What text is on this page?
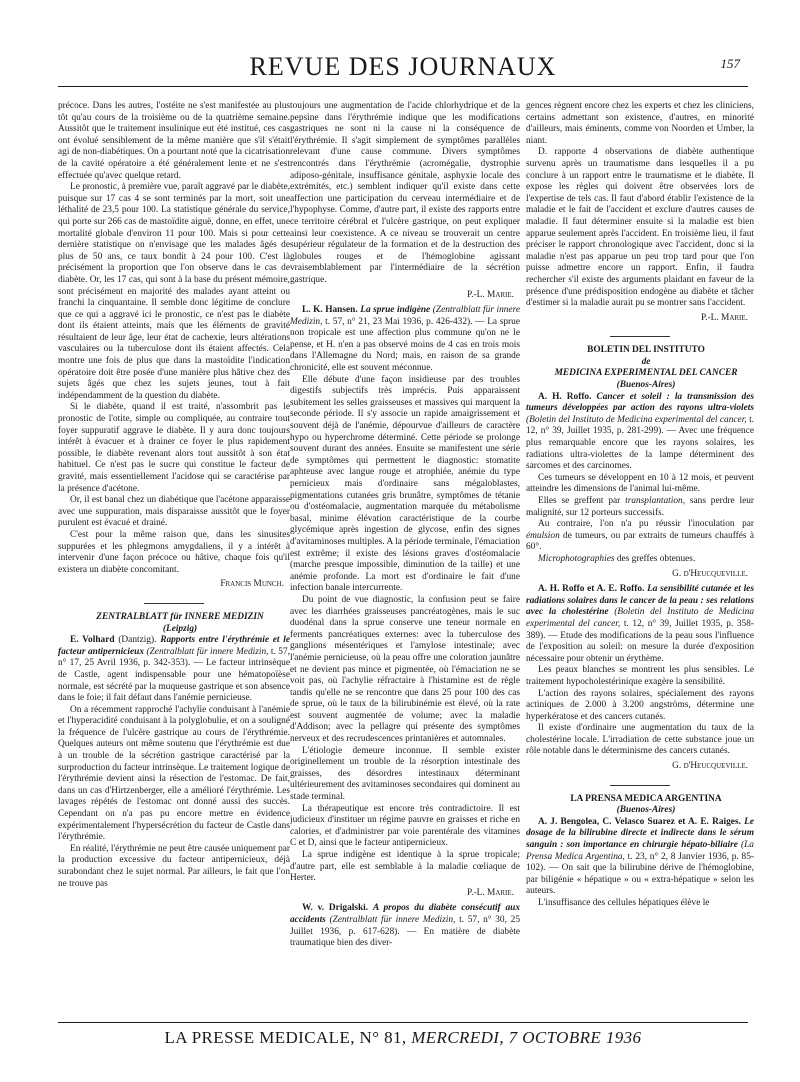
REVUE DES JOURNAUX	157

précoce. Dans les autres, l'ostéite ne s'est manifestée au plus tôt qu'au cours de la troisième ou de la quatrième semaine. Aussitôt que le traitement insulinique eut été institué, ces cas ont évolué sensiblement de la même manière que s'il s'était agi de non-diabétiques. On a pourtant noté que la cicatrisation de la cavité opératoire a été généralement lente et ne s'est effectuée qu'avec quelque retard.

Le pronostic, à première vue, paraît aggravé par le diabète, puisque sur 17 cas 4 se sont terminés par la mort, soit une léthalité de 23,5 pour 100. La statistique générale du service, qui porte sur 266 cas de mastoïdite aiguë, donne, en effet, une mortalité globale d'environ 11 pour 100. Mais si pour cette dernière statistique on n'envisage que les malades âgés de plus de 50 ans, ce taux bondit à 24 pour 100. C'est là précisément la proportion que l'on observe dans le cas de diabète. Or, les 17 cas, qui sont à la base du présent mémoire, sont précisément en majorité des malades ayant atteint ou franchi la cinquantaine. Il semble donc légitime de conclure que ce qui a aggravé ici le pronostic, ce n'est pas le diabète dont ils étaient atteints, mais que les éléments de gravité résultaient de leur âge, leur état de cachexie, leurs altérations vasculaires ou la tuberculose dont ils étaient affectés. Cela montre une fois de plus que dans la mastoïdite l'indication opératoire doit être posée d'une manière plus hâtive chez des sujets âgés que chez les sujets jeunes, tout à fait indépendamment de la question du diabète.

Si le diabète, quand il est traité, n'assombrit pas le pronostic de l'otite, simple ou compliquée, au contraire tout foyer suppuratif aggrave le diabète. Il y aura donc toujours intérêt à évacuer et à drainer ce foyer le plus rapidement possible, le diabète revenant alors tout aussitôt à son état habituel. Ce n'est pas le sucre qui constitue le facteur de gravité, mais essentiellement l'acidose qui se caractérise par la présence d'acétone.

Or, il est banal chez un diabétique que l'acétone apparaisse avec une suppuration, mais disparaisse aussitôt que le foyer purulent est évacué et drainé.

C'est pour la même raison que, dans les sinusites suppurées et les phlegmons amygdaliens, il y a intérêt à intervenir d'une façon précoce ou hâtive, chaque fois qu'il existera un diabète concomitant.

Francis Munch.

ZENTRALBLATT für INNERE MEDIZIN

(Leipzig)

E. Volhard (Dantzig). Rapports entre l'érythrémie et le facteur antipernicieux (Zentralblatt für innere Medizin, t. 57, n° 17, 25 Avril 1936, p. 342-353). — Le facteur intrinsèque de Castle, agent indispensable pour une hématopoïèse normale, est sécrété par la muqueuse gastrique et son absence dans le foie; il fait défaut dans l'anémie pernicieuse.

On a récemment rapproché l'achylie conduisant à l'anémie et l'hyperacidité conduisant à la polyglobulie, et on a souligné la fréquence de l'ulcère gastrique au cours de l'érythrémie. Quelques auteurs ont même soutenu que l'érythrémie est due à un trouble de la sécrétion gastrique caractérisé par la surproduction du facteur intrinsèque. Le traitement logique de l'érythrémie devient ainsi la résection de l'estomac. De fait, dans un cas d'Hirtzenberger, elle a amélioré l'érythrémie. Les lavages répétés de l'estomac ont donné aussi des succès. Cependant on n'a pas pu encore mettre en évidence expérimentalement l'hypersécrétion du facteur de Castle dans l'érythrémie.

En réalité, l'érythrémie ne peut être causée uniquement par la production excessive du facteur antipernicieux, déjà surabondant chez le sujet normal. Par ailleurs, le fait que l'on ne trouve pas

toujours une augmentation de l'acide chlorhydrique et de la pepsine dans l'érythrémie indique que les modifications gastriques ne sont ni la cause ni la conséquence de l'érythrémie. Il s'agit simplement de symptômes parallèles relevant d'une cause commune. Divers symptômes rencontrés dans l'érythrémie (acromégalie, dystrophie adiposo-génitale, insuffisance génitale, asphyxie locale des extrémités, etc.) semblent indiquer qu'il existe dans cette affection une participation du cerveau intermédiaire et de l'hypophyse. Comme, d'autre part, il existe des rapports entre ce territoire cérébral et l'ulcère gastrique, on peut expliquer ainsi leur coexistence. A ce niveau se trouverait un centre supérieur régulateur de la formation et de la destruction des globules rouges et de l'hémoglobine agissant vraisemblablement par l'intermédiaire de la sécrétion gastrique.

P.-L. Marie.

L. K. Hansen. La sprue indigène (Zentralblatt für innere Medizin, t. 57, n° 21, 23 Mai 1936, p. 426-432). — La sprue non tropicale est une affection plus commune qu'on ne le pense, et H. n'en a pas observé moins de 4 cas en trois mois dans l'Allemagne du Nord; mais, en raison de sa grande chronicité, elle est souvent méconnue.

Elle débute d'une façon insidieuse par des troubles digestifs subjectifs très imprécis. Puis apparaissent subitement les selles graisseuses et massives qui marquent la seconde période. Il s'y associe un rapide amaigrissement et souvent déjà de l'anémie, dépourvue d'ailleurs de caractère hypo ou hyperchrome déterminé. Cette période se prolonge souvent durant des années. Ensuite se manifestent une série de symptômes qui permettent le diagnostic: stomatite aphteuse avec langue rouge et atrophiée, anémie du type pernicieux mais d'ordinaire sans mégaloblastes, pigmentations cutanées gris brunâtre, symptômes de tétanie ou d'ostéomalacie, augmentation marquée du métabolisme basal, minime élévation caractéristique de la courbe glycémique après ingestion de glycose, enfin des signes d'avitaminoses multiples. A la période terminale, l'émaciation est extrême; il existe des lésions graves d'ostéomalacie (marche presque impossible, diminution de la taille) et une anémie profonde. La mort est d'ordinaire le fait d'une infection banale intercurrente.

Du point de vue diagnostic, la confusion peut se faire avec les diarrhées graisseuses pancréatogènes, mais le suc duodénal dans la sprue conserve une teneur normale en ferments pancréatiques externes: avec la tuberculose des ganglions mésentériques et l'amylose intestinale; avec l'anémie pernicieuse, où la peau offre une coloration jaunâtre et ne devient pas mince et pigmentée, où l'émaciation ne se voit pas, où l'achylie réfractaire à l'histamine est de règle tandis qu'elle ne se rencontre que dans 25 pour 100 des cas de sprue, où le taux de la bilirubinémie est élevé, où la rate est souvent augmentée de volume; avec la maladie d'Addison; avec la pellagre qui présente des symptômes nerveux et des recrudescences printanières et automnales.

L'étiologie demeure inconnue. Il semble exister originellement un trouble de la résorption intestinale des graisses, des désordres intestinaux déterminant ultérieurement des avitaminoses secondaires qui dominent au stade terminal.

La thérapeutique est encore très contradictoire. Il est judicieux d'instituer un régime pauvre en graisses et riche en calories, et d'administrer par voie parentérale des vitamines C et D, ainsi que le facteur antipernicieux.

La sprue indigène est identique à la sprue tropicale; d'autre part, elle est semblable à la maladie cœliaque de Herter.

P.-L. Marie.

W. v. Drigalski. A propos du diabète consécutif aux accidents (Zentralblatt für innere Medizin, t. 57, n° 30, 25 Juillet 1936, p. 617-628). — En matière de diabète traumatique bien des diver-

gences règnent encore chez les experts et chez les cliniciens, certains admettant son existence, d'autres, en minorité d'ailleurs, mais éminents, comme von Noorden et Umber, la niant.

D. rapporte 4 observations de diabète authentique survenu après un traumatisme dans lesquelles il a pu conclure à un rapport entre le traumatisme et le diabète. Il expose les règles qui doivent être observées lors de l'expertise de tels cas. Il faut d'abord établir l'existence de la maladie et le fait de l'accident et exclure d'autres causes de maladie. Il faut déterminer ensuite si la maladie est bien apparue seulement après l'accident. En troisième lieu, il faut préciser le rapport chronologique avec l'accident, donc si la maladie n'est pas apparue un peu trop tard pour que l'on puisse admettre encore un rapport. Enfin, il faudra rechercher s'il existe des arguments plaidant en faveur de la présence d'une prédisposition endogène au diabète et tâcher d'estimer si la maladie aurait pu se montrer sans l'accident.

P.-L. Marie.

BOLETIN DEL INSTITUTO

de

MEDICINA EXPERIMENTAL DEL CANCER

(Buenos-Aires)

A. H. Roffo. Cancer et soleil : la transmission des tumeurs développées par action des rayons ultra-violets (Boletin del Instituto de Medicina experimental del cancer, t. 12, n° 39, Juillet 1935, p. 281-299). — Avec une fréquence plus remarquable encore que les rayons solaires, les radiations ultra-violettes de la lampe déterminent des sarcomes et des carcinomes.

Ces tumeurs se développent en 10 à 12 mois, et peuvent atteindre les dimensions de l'animal lui-même.

Elles se greffent par transplantation, sans perdre leur malignité, sur 12 porteurs successifs.

Au contraire, l'on n'a pu réussir l'inoculation par émulsion de tumeurs, ou par extraits de tumeurs chauffés à 60°.

Microphotographies des greffes obtenues.

G. d'Heucqueville.

A. H. Roffo et A. E. Roffo. La sensibilité cutanée et les radiations solaires dans le cancer de la peau : ses relations avec la cholestérine (Boletin del Instituto de Medicina experimental del cancer, t. 12, n° 39, Juillet 1935, p. 358-389). — Etude des modifications de la peau sous l'influence de l'exposition au soleil: on mesure la durée d'exposition nécessaire pour obtenir un érythème.

Les peaux blanches se montrent les plus sensibles. Le traitement hypocholestérinique exagère la sensibilité.

L'action des rayons solaires, spécialement des rayons actiniques de 2.000 à 3.200 angströms, détermine une hyperkératose et des cancers cutanés.

Il existe d'ordinaire une augmentation du taux de la cholestérine locale. L'irradiation de cette substance joue un rôle notable dans le déterminisme des cancers cutanés.

G. d'Heucqueville.

LA PRENSA MEDICA ARGENTINA

(Buenos-Aires)

A. J. Bengolea, C. Velasco Suarez et A. E. Raiges. Le dosage de la bilirubine directe et indirecte dans le sérum sanguin : son importance en chirurgie hépato-biliaire (La Prensa Medica Argentina, t. 23, n° 2, 8 Janvier 1936, p. 85-102). — On sait que la bilirubine dérive de l'hémoglobine, par biligénie « hépatique » ou « extra-hépatique » selon les auteurs.

L'insuffisance des cellules hépatiques élève le

LA PRESSE MEDICALE, N° 81, MERCREDI, 7 OCTOBRE 1936
